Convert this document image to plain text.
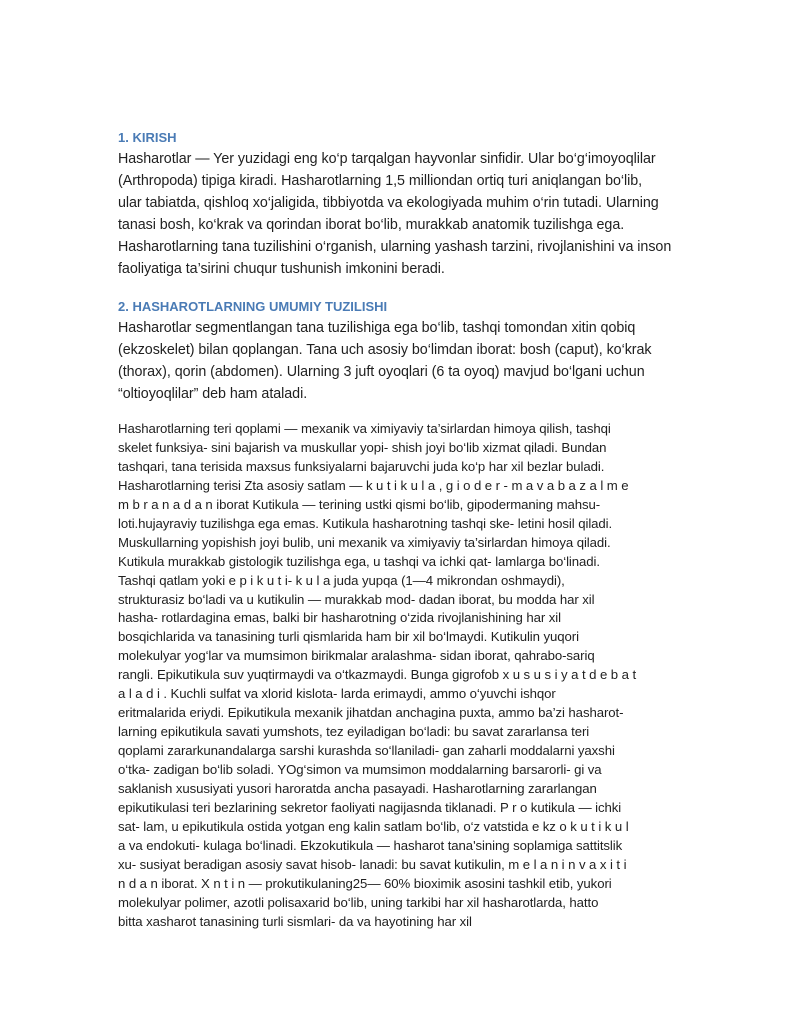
1. KIRISH

Hasharotlar — Yer yuzidagi eng ko‘p tarqalgan hayvonlar sinfidir. Ular bo‘g‘imoyoqlilar
(Arthropoda) tipiga kiradi. Hasharotlarning 1,5 milliondan ortiq turi aniqlangan bo‘lib,
ular tabiatda, qishloq xo‘jaligida, tibbiyotda va ekologiyada muhim o‘rin tutadi. Ularning
tanasi bosh, ko‘krak va qorindan iborat bo‘lib, murakkab anatomik tuzilishga ega.
Hasharotlarning tana tuzilishini o‘rganish, ularning yashash tarzini, rivojlanishini va inson
faoliyatiga ta’sirini chuqur tushunish imkonini beradi.

2. HASHAROTLARNING UMUMIY TUZILISHI

Hasharotlar segmentlangan tana tuzilishiga ega bo‘lib, tashqi tomondan xitin qobiq
(ekzoskelet) bilan qoplangan. Tana uch asosiy bo‘limdan iborat: bosh (caput), ko‘krak
(thorax), qorin (abdomen). Ularning 3 juft oyoqlari (6 ta oyoq) mavjud bo‘lgani uchun
“oltioyoqlilar” deb ham ataladi.

Hasharotlarning teri qoplami — mexanik va ximiyaviy ta’sirlardan himoya qilish, tashqi
skelet funksiya- sini bajarish va muskullar yopi- shish joyi bo‘lib xizmat qiladi. Bundan
tashqari, tana terisida maxsus funksiyalarni bajaruvchi juda ko‘p har xil bezlar buladi.
Hasharotlarning terisi Zta asosiy satlam — k u t i k u l a , g i o d e r - m a v a b a z a l m e
m b r a n a d a n iborat Kutikula — terining ustki qismi bo‘lib, gipodermaning mahsu-
loti.hujayraviy tuzilishga ega emas. Kutikula hasharotning tashqi ske- letini hosil qiladi.
Muskullarning yopishish joyi bulib, uni mexanik va ximiyaviy ta’sirlardan himoya qiladi.
Kutikula murakkab gistologik tuzilishga ega, u tashqi va ichki qat- lamlarga bo‘linadi.
Tashqi qatlam yoki e p i k u t i- k u l a juda yupqa (1—4 mikrondan oshmaydi),
strukturasiz bo‘ladi va u kutikulin — murakkab mod- dadan iborat, bu modda har xil
hasha- rotlardagina emas, balki bir hasharotning o‘zida rivojlanishining har xil
bosqichlarida va tanasining turli qismlarida ham bir xil bo‘lmaydi. Kutikulin yuqori
molekulyar yog‘lar va mumsimon birikmalar aralashma- sidan iborat, qahrabo-sariq
rangli. Epikutikula suv yuqtirmaydi va o‘tkazmaydi. Bunga gigrofob x u s u s i y a t d e b a t
a l a d i . Kuchli sulfat va xlorid kislota- larda erimaydi, ammo o‘yuvchi ishqor
eritmalarida eriydi. Epikutikula mexanik jihatdan anchagina puxta, ammo ba’zi hasharot-
larning epikutikula savati yumshots, tez eyiladigan bo‘ladi: bu savat zararlansa teri
qoplami zararkunandalarga sarshi kurashda so‘llaniladi- gan zaharli moddalarni yaxshi
o‘tka- zadigan bo‘lib soladi. YOg‘simon va mumsimon moddalarning barsarorli- gi va
saklanish xususiyati yusori haroratda ancha pasayadi. Hasharotlarning zararlangan
epikutikulasi teri bezlarining sekretor faoliyati nagijasnda tiklanadi. P r o kutikula — ichki
sat- lam, u epikutikula ostida yotgan eng kalin satlam bo‘lib, o‘z vatstida e kz o k u t i k u l
a va endokuti- kulaga bo‘linadi. Ekzokutikula — hasharot tana'sining soplamiga sattitslik
xu- susiyat beradigan asosiy savat hisob- lanadi: bu savat kutikulin, m e l a n i n v a x i t i
n d a n iborat. X n t i n — prokutikulaning25— 60% bioximik asosini tashkil etib, yukori
molekulyar polimer, azotli polisaxarid bo‘lib, uning tarkibi har xil hasharotlarda, hatto
bitta xasharot tanasining turli sismlari- da va hayotining har xil
